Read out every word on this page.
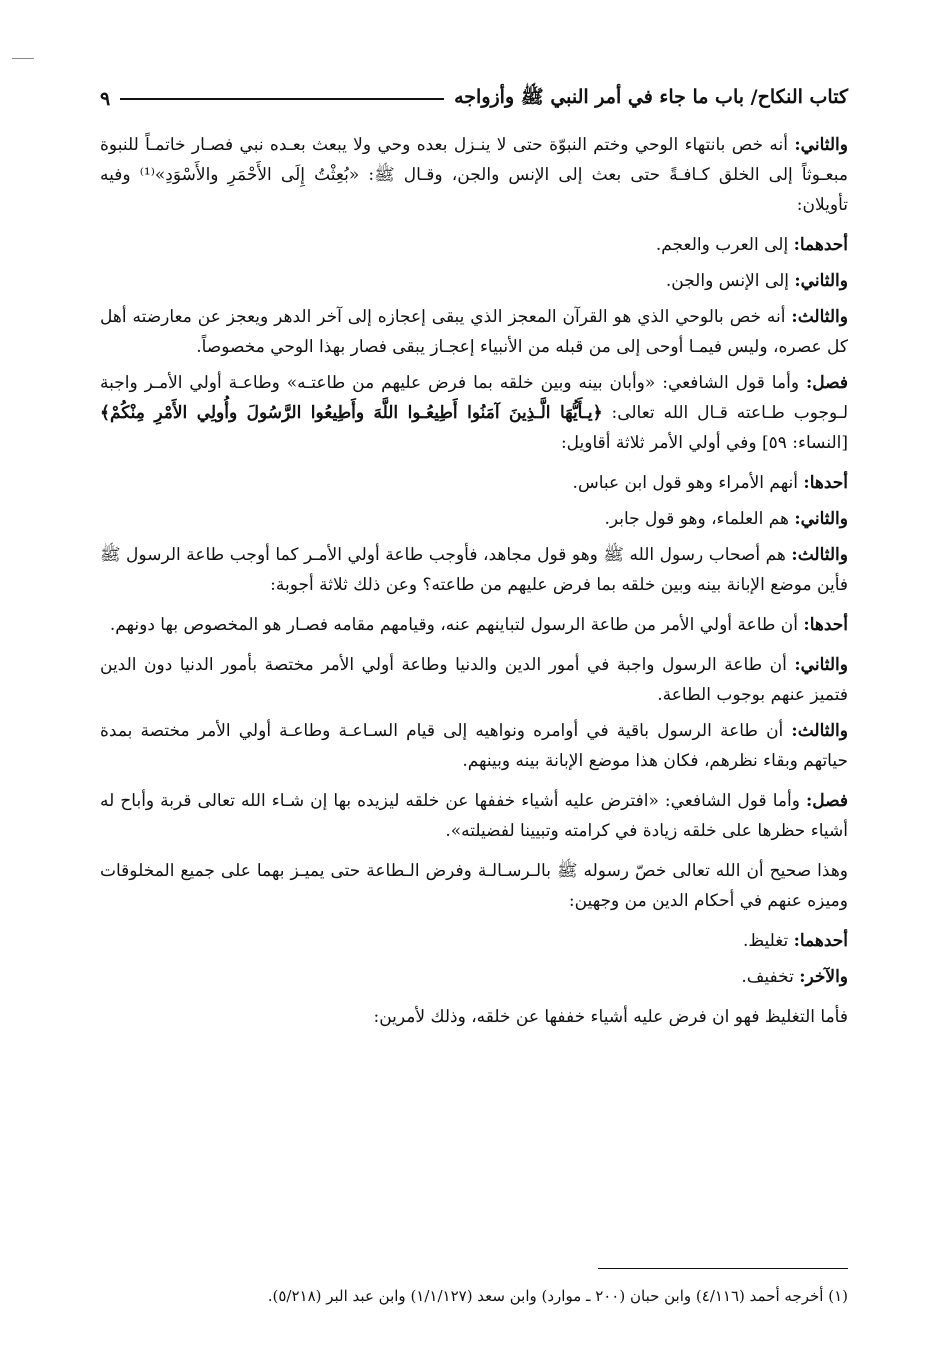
كتاب النكاح/ باب ما جاء في أمر النبي ﷺ وأزواجه
٩

والثاني: أنه خص بانتهاء الوحي وختم النبوّة حتى لا ينـزل بعده وحي ولا يبعث بعـده نبي فصـار خاتمـاً للنبوة مبعـوثاً إلى الخلق كـافـةً حتى بعث إلى الإنس والجن، وقـال ﷺ: «بُعِثْتُ إِلَى الأَحْمَرِ والأَسْوَدِ»⁽¹⁾ وفيه تأويلان:

أحدهما: إلى العرب والعجم.

والثاني: إلى الإنس والجن.

والثالث: أنه خص بالوحي الذي هو القرآن المعجز الذي يبقى إعجازه إلى آخر الدهر ويعجز عن معارضته أهل كل عصره، وليس فيمـا أوحى إلى من قبله من الأنبياء إعجـاز يبقى فصار بهذا الوحي مخصوصاً.

فصل: وأما قول الشافعي: «وأبان بينه وبين خلقه بما فرض عليهم من طاعتـه» وطاعـة أولي الأمـر واجبة لـوجوب طـاعته قـال الله تعالى: ﴿يـأَيُّهَا الَّـذِينَ آمَنُوا أَطِيعُـوا اللَّهَ وأَطِيعُوا الرَّسُولَ وأُولِي الأَمْرِ مِنْكُمْ﴾ [النساء: ٥٩] وفي أولي الأمر ثلاثة أقاويل:

أحدها: أنهم الأمراء وهو قول ابن عباس.

والثاني: هم العلماء، وهو قول جابر.

والثالث: هم أصحاب رسول الله ﷺ وهو قول مجاهد، فأوجب طاعة أولي الأمـر كما أوجب طاعة الرسول ﷺ فأين موضع الإبانة بينه وبين خلقه بما فرض عليهم من طاعته؟ وعن ذلك ثلاثة أجوبة:

أحدها: أن طاعة أولي الأمر من طاعة الرسول لتباينهم عنه، وقيامهم مقامه فصـار هو المخصوص بها دونهم.

والثاني: أن طاعة الرسول واجبة في أمور الدين والدنيا وطاعة أولي الأمر مختصة بأمور الدنيا دون الدين فتميز عنهم بوجوب الطاعة.

والثالث: أن طاعة الرسول باقية في أوامره ونواهيه إلى قيام السـاعـة وطاعـة أولي الأمر مختصة بمدة حياتهم وبقاء نظرهم، فكان هذا موضع الإبانة بينه وبينهم.

فصل: وأما قول الشافعي: «افترض عليه أشياء خففها عن خلقه ليزيده بها إن شـاء الله تعالى قربة وأباح له أشياء حظرها على خلقه زيادة في كرامته وتبيينا لفضيلته».

وهذا صحيح أن الله تعالى خصّ رسوله ﷺ بالـرسـالـة وفرض الـطاعة حتى يميـز بهما على جميع المخلوقات وميزه عنهم في أحكام الدين من وجهين:

أحدهما: تغليظ.

والآخر: تخفيف.

فأما التغليظ فهو ان فرض عليه أشياء خففها عن خلقه، وذلك لأمرين:

(١) أخرجه أحمد (٤/١١٦) وابن حبان (٢٠٠ ـ موارد) وابن سعد (١/١/١٢٧) وابن عبد البر (٥/٢١٨).
